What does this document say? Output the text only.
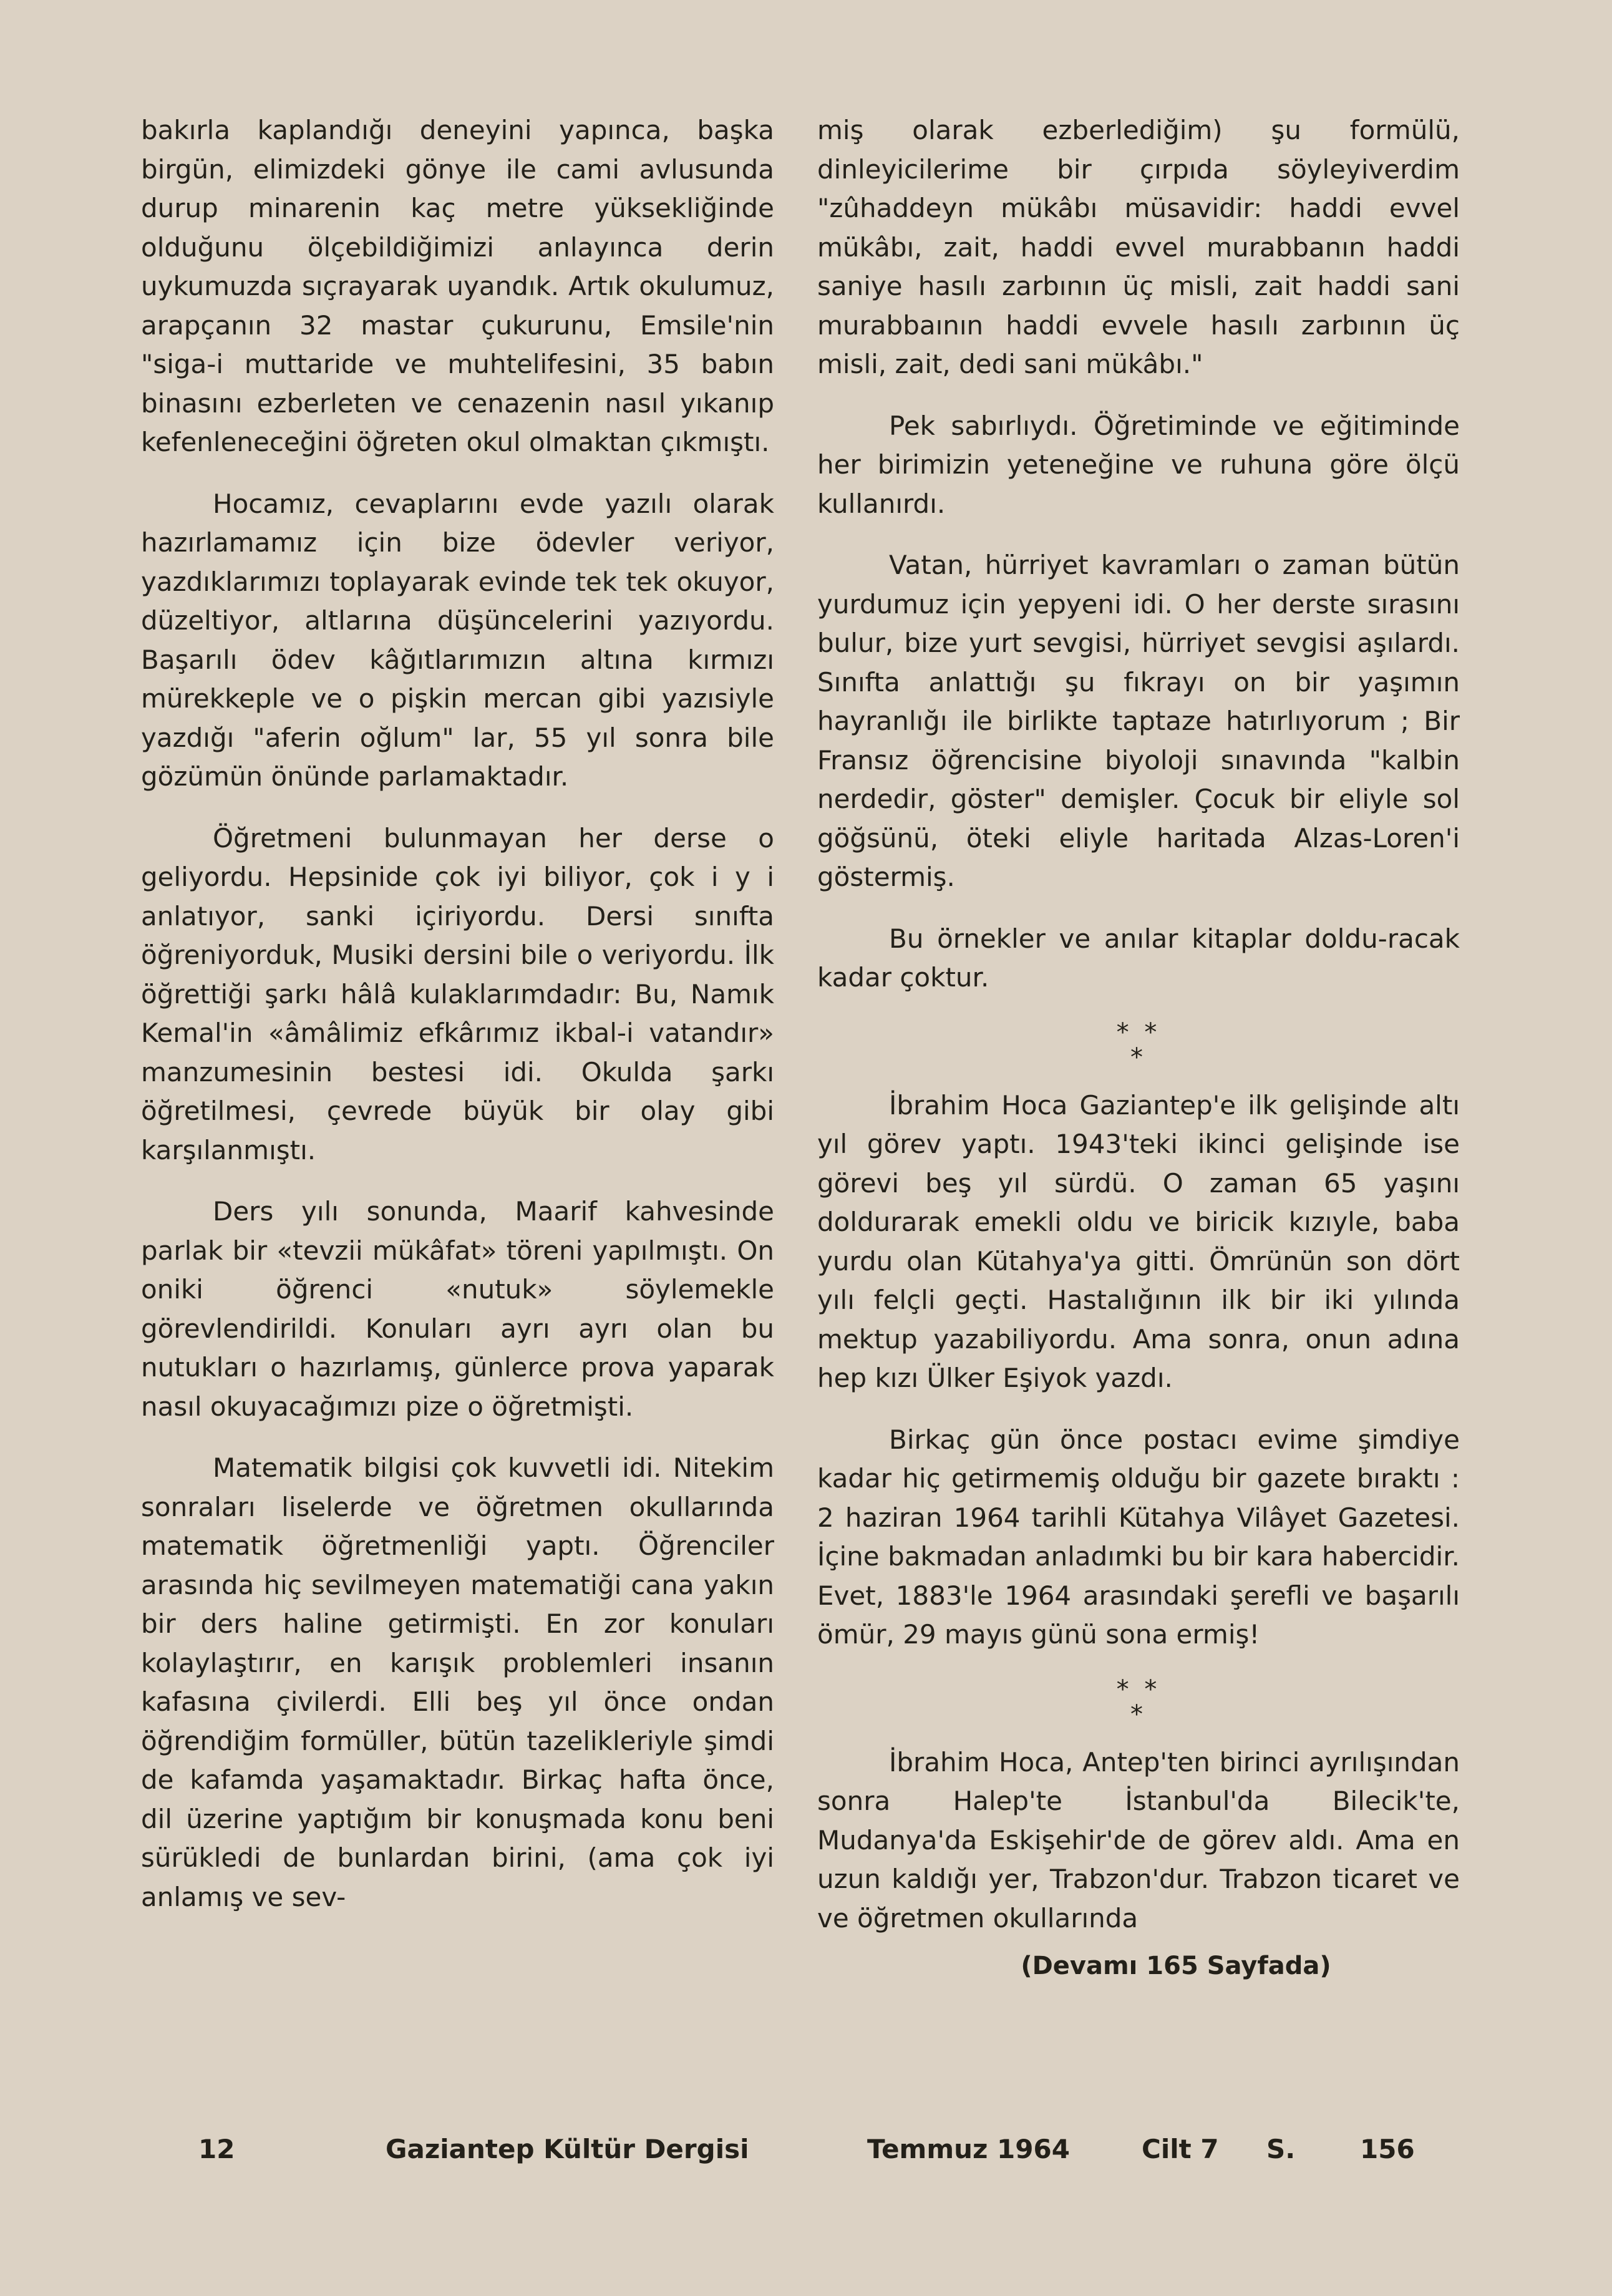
bakırla kaplandığı deneyini yapınca, başka birgün, elimizdeki gönye ile cami avlusunda durup minarenin kaç metre yüksekliğinde olduğunu ölçebildiğimizi anlayınca derin uykumuzda sıçrayarak uyandık. Artık okulumuz, arapçanın 32 mastar çukurunu, Emsile'nin "siga-i muttaride ve muhtelifesini, 35 babın binasını ezberleten ve cenazenin nasıl yıkanıp kefenleneceğini öğreten okul olmaktan çıkmıştı.

Hocamız, cevaplarını evde yazılı olarak hazırlamamız için bize ödevler veriyor, yazdıklarımızı toplayarak evinde tek tek okuyor, düzeltiyor, altlarına düşüncelerini yazıyordu. Başarılı ödev kâğıtlarımızın altına kırmızı mürekkeple ve o pişkin mercan gibi yazısiyle yazdığı "aferin oğlum" lar, 55 yıl sonra bile gözümün önünde parlamaktadır.

Öğretmeni bulunmayan her derse o geliyordu. Hepsinide çok iyi biliyor, çok i y i anlatıyor, sanki içiriyordu. Dersi sınıfta öğreniyorduk, Musiki dersini bile o veriyordu. İlk öğrettiği şarkı hâlâ kulaklarımdadır: Bu, Namık Kemal'in «âmâlimiz efkârımız ikbal-i vatandır» manzumesinin bestesi idi. Okulda şarkı öğretilmesi, çevrede büyük bir olay gibi karşılanmıştı.

Ders yılı sonunda, Maarif kahvesinde parlak bir «tevzii mükâfat» töreni yapılmıştı. On oniki öğrenci «nutuk» söylemekle görevlendirildi. Konuları ayrı ayrı olan bu nutukları o hazırlamış, günlerce prova yaparak nasıl okuyacağımızı pize o öğretmişti.

Matematik bilgisi çok kuvvetli idi. Nitekim sonraları liselerde ve öğretmen okullarında matematik öğretmenliği yaptı. Öğrenciler arasında hiç sevilmeyen matematiği cana yakın bir ders haline getirmişti. En zor konuları kolaylaştırır, en karışık problemleri insanın kafasına çivilerdi. Elli beş yıl önce ondan öğrendiğim formüller, bütün tazelikleriyle şimdi de kafamda yaşamaktadır. Birkaç hafta önce, dil üzerine yaptığım bir konuşmada konu beni sürükledi de bunlardan birini, (ama çok iyi anlamış ve sev-

miş olarak ezberlediğim) şu formülü, dinleyicilerime bir çırpıda söyleyiverdim "zûhaddeyn mükâbı müsavidir: haddi evvel mükâbı, zait, haddi evvel murabbanın haddi saniye hasılı zarbının üç misli, zait haddi sani murabbaının haddi evvele hasılı zarbının üç misli, zait, dedi sani mükâbı."

Pek sabırlıydı. Öğretiminde ve eğitiminde her birimizin yeteneğine ve ruhuna göre ölçü kullanırdı.

Vatan, hürriyet kavramları o zaman bütün yurdumuz için yepyeni idi. O her derste sırasını bulur, bize yurt sevgisi, hürriyet sevgisi aşılardı. Sınıfta anlattığı şu fıkrayı on bir yaşımın hayranlığı ile birlikte taptaze hatırlıyorum ; Bir Fransız öğrencisine biyoloji sınavında "kalbin nerdedir, göster" demişler. Çocuk bir eliyle sol göğsünü, öteki eliyle haritada Alzas-Loren'i göstermiş.

Bu örnekler ve anılar kitaplar doldu-racak kadar çoktur.

* *
*

İbrahim Hoca Gaziantep'e ilk gelişinde altı yıl görev yaptı. 1943'teki ikinci gelişinde ise görevi beş yıl sürdü. O zaman 65 yaşını doldurarak emekli oldu ve biricik kızıyle, baba yurdu olan Kütahya'ya gitti. Ömrünün son dört yılı felçli geçti. Hastalığının ilk bir iki yılında mektup yazabiliyordu. Ama sonra, onun adına hep kızı Ülker Eşiyok yazdı.

Birkaç gün önce postacı evime şimdiye kadar hiç getirmemiş olduğu bir gazete bıraktı : 2 haziran 1964 tarihli Kütahya Vilâyet Gazetesi. İçine bakmadan anladımki bu bir kara habercidir. Evet, 1883'le 1964 arasındaki şerefli ve başarılı ömür, 29 mayıs günü sona ermiş!

* *
*

İbrahim Hoca, Antep'ten birinci ayrılışından sonra Halep'te İstanbul'da Bilecik'te, Mudanya'da Eskişehir'de de görev aldı. Ama en uzun kaldığı yer, Trabzon'dur. Trabzon ticaret ve ve öğretmen okullarında

(Devamı 165 Sayfada)
12	Gaziantep Kültür Dergisi	Temmuz 1964	Cilt 7 S. 156
